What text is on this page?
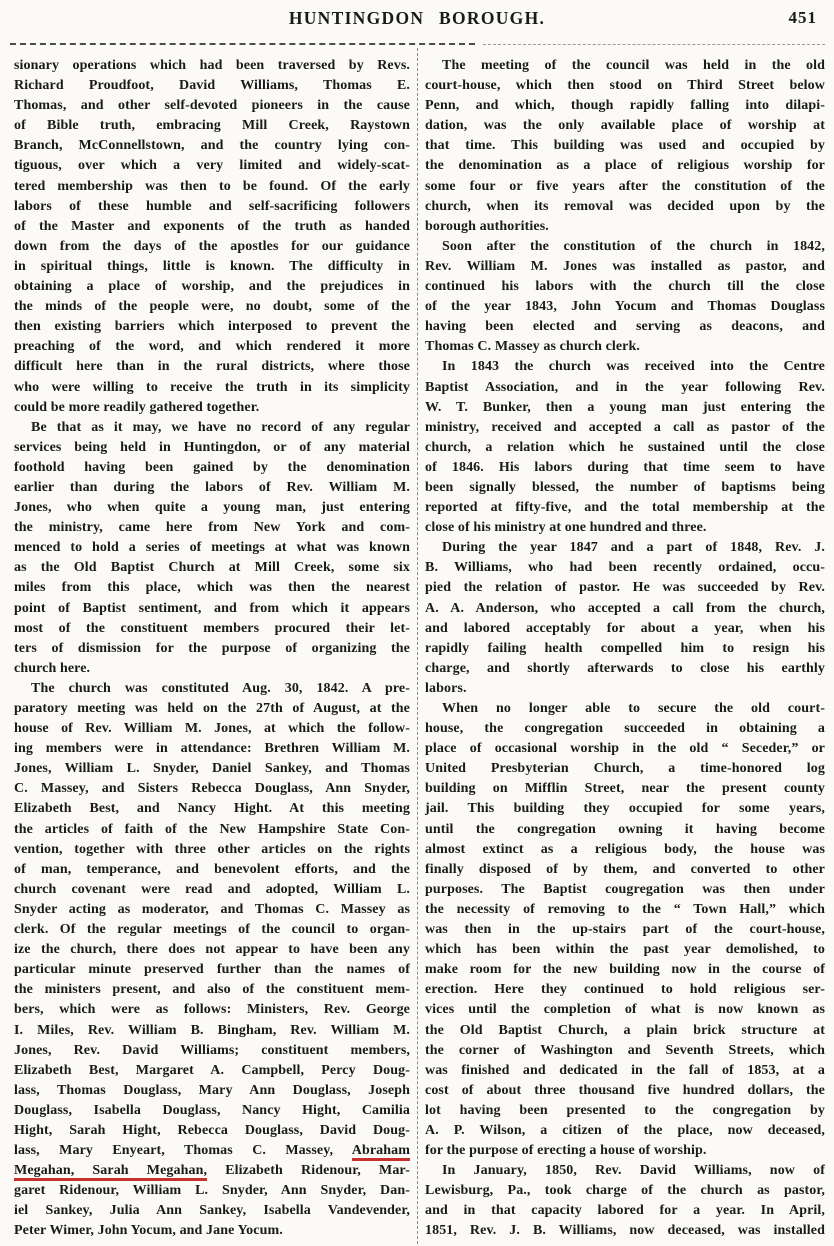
HUNTINGDON BOROUGH.	451
sionary operations which had been traversed by Revs.
Richard Proudfoot, David Williams, Thomas E.
Thomas, and other self-devoted pioneers in the cause
of Bible truth, embracing Mill Creek, Raystown
Branch, McConnellstown, and the country lying con-
tiguous, over which a very limited and widely-scat-
tered membership was then to be found. Of the early
labors of these humble and self-sacrificing followers
of the Master and exponents of the truth as handed
down from the days of the apostles for our guidance
in spiritual things, little is known. The difficulty in
obtaining a place of worship, and the prejudices in
the minds of the people were, no doubt, some of the
then existing barriers which interposed to prevent the
preaching of the word, and which rendered it more
difficult here than in the rural districts, where those
who were willing to receive the truth in its simplicity
could be more readily gathered together.
Be that as it may, we have no record of any regular
services being held in Huntingdon, or of any material
foothold having been gained by the denomination
earlier than during the labors of Rev. William M.
Jones, who when quite a young man, just entering
the ministry, came here from New York and com-
menced to hold a series of meetings at what was known
as the Old Baptist Church at Mill Creek, some six
miles from this place, which was then the nearest
point of Baptist sentiment, and from which it appears
most of the constituent members procured their let-
ters of dismission for the purpose of organizing the
church here.
The church was constituted Aug. 30, 1842. A pre-
paratory meeting was held on the 27th of August, at the
house of Rev. William M. Jones, at which the follow-
ing members were in attendance: Brethren William M.
Jones, William L. Snyder, Daniel Sankey, and Thomas
C. Massey, and Sisters Rebecca Douglass, Ann Snyder,
Elizabeth Best, and Nancy Hight. At this meeting
the articles of faith of the New Hampshire State Con-
vention, together with three other articles on the rights
of man, temperance, and benevolent efforts, and the
church covenant were read and adopted, William L.
Snyder acting as moderator, and Thomas C. Massey as
clerk. Of the regular meetings of the council to organ-
ize the church, there does not appear to have been any
particular minute preserved further than the names of
the ministers present, and also of the constituent mem-
bers, which were as follows: Ministers, Rev. George
I. Miles, Rev. William B. Bingham, Rev. William M.
Jones, Rev. David Williams; constituent members,
Elizabeth Best, Margaret A. Campbell, Percy Doug-
lass, Thomas Douglass, Mary Ann Douglass, Joseph
Douglass, Isabella Douglass, Nancy Hight, Camilia
Hight, Sarah Hight, Rebecca Douglass, David Doug-
lass, Mary Enyeart, Thomas C. Massey, Abraham
Megahan, Sarah Megahan, Elizabeth Ridenour, Mar-
garet Ridenour, William L. Snyder, Ann Snyder, Dan-
iel Sankey, Julia Ann Sankey, Isabella Vandevender,
Peter Wimer, John Yocum, and Jane Yocum.
The meeting of the council was held in the old
court-house, which then stood on Third Street below
Penn, and which, though rapidly falling into dilapi-
dation, was the only available place of worship at
that time. This building was used and occupied by
the denomination as a place of religious worship for
some four or five years after the constitution of the
church, when its removal was decided upon by the
borough authorities.
Soon after the constitution of the church in 1842,
Rev. William M. Jones was installed as pastor, and
continued his labors with the church till the close
of the year 1843, John Yocum and Thomas Douglass
having been elected and serving as deacons, and
Thomas C. Massey as church clerk.
In 1843 the church was received into the Centre
Baptist Association, and in the year following Rev.
W. T. Bunker, then a young man just entering the
ministry, received and accepted a call as pastor of the
church, a relation which he sustained until the close
of 1846. His labors during that time seem to have
been signally blessed, the number of baptisms being
reported at fifty-five, and the total membership at the
close of his ministry at one hundred and three.
During the year 1847 and a part of 1848, Rev. J.
B. Williams, who had been recently ordained, occu-
pied the relation of pastor. He was succeeded by Rev.
A. A. Anderson, who accepted a call from the church,
and labored acceptably for about a year, when his
rapidly failing health compelled him to resign his
charge, and shortly afterwards to close his earthly
labors.
When no longer able to secure the old court-
house, the congregation succeeded in obtaining a
place of occasional worship in the old “ Seceder,” or
United Presbyterian Church, a time-honored log
building on Mifflin Street, near the present county
jail. This building they occupied for some years,
until the congregation owning it having become
almost extinct as a religious body, the house was
finally disposed of by them, and converted to other
purposes. The Baptist cougregation was then under
the necessity of removing to the “ Town Hall,” which
was then in the up-stairs part of the court-house,
which has been within the past year demolished, to
make room for the new building now in the course of
erection. Here they continued to hold religious ser-
vices until the completion of what is now known as
the Old Baptist Church, a plain brick structure at
the corner of Washington and Seventh Streets, which
was finished and dedicated in the fall of 1853, at a
cost of about three thousand five hundred dollars, the
lot having been presented to the congregation by
A. P. Wilson, a citizen of the place, now deceased,
for the purpose of erecting a house of worship.
In January, 1850, Rev. David Williams, now of
Lewisburg, Pa., took charge of the church as pastor,
and in that capacity labored for a year. In April,
1851, Rev. J. B. Williams, now deceased, was installed
